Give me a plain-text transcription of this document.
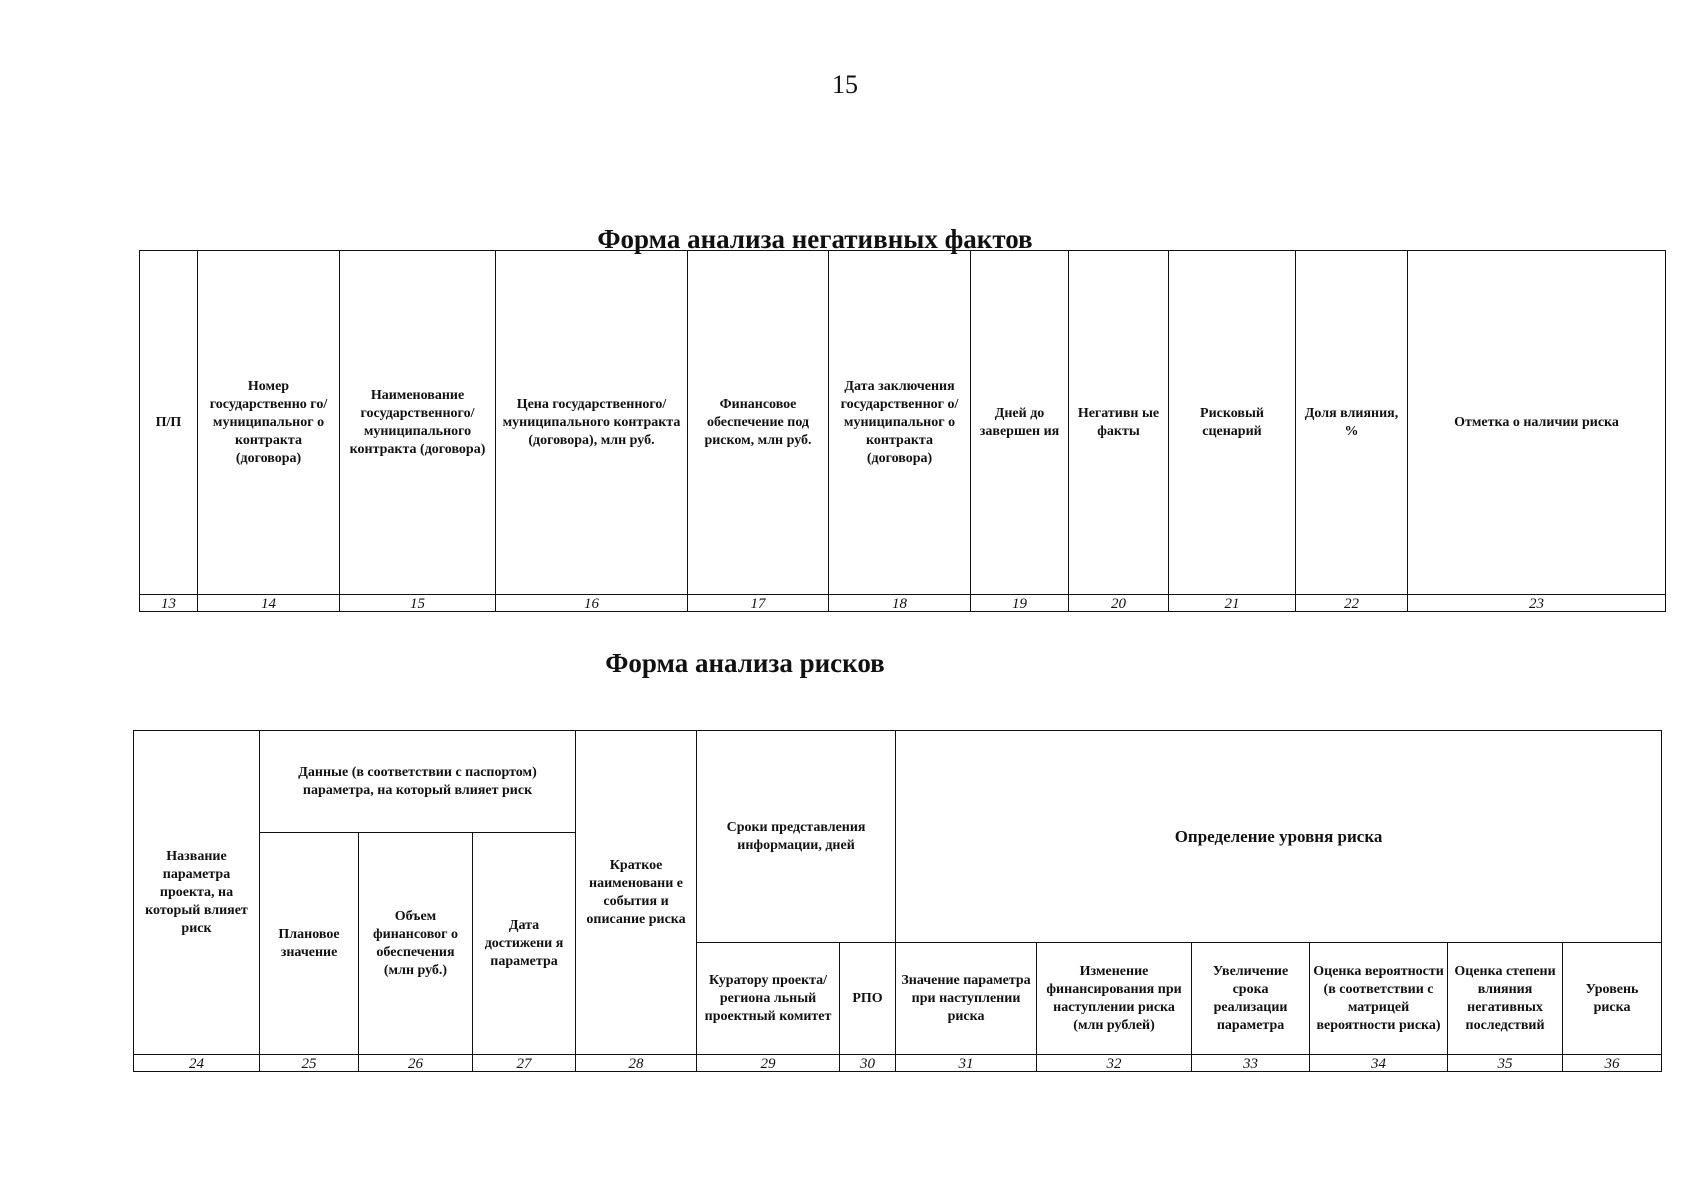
15
Форма анализа негативных фактов
П/П	Номер государственно го/ муниципальног о контракта (договора)	Наименование государственного/ муниципального контракта (договора)	Цена государственного/ муниципального контракта (договора), млн руб.	Финансовое обеспечение под риском, млн руб.	Дата заключения государственног о/ муниципальног о контракта (договора)	Дней до завершен ия	Негативн ые факты	Рисковый сценарий	Доля влияния, %	Отметка о наличии риска
13	14	15	16	17	18	19	20	21	22	23
Форма анализа рисков
Название параметра проекта, на который влияет риск	Данные (в соответствии с паспортом) параметра, на который влияет риск			Краткое наименовани е события и описание риска	Сроки представления информации, дней		Определение уровня риска					
	Плановое значение	Объем финансовог о обеспечения (млн руб.)	Дата достижени я параметра									
					Куратору проекта/региона льный проектный комитет	РПО	Значение параметра при наступлении риска	Изменение финансирования при наступлении риска (млн рублей)	Увеличение срока реализации параметра	Оценка вероятности (в соответствии с матрицей вероятности риска)	Оценка степени влияния негативных последствий	Уровень риска
24	25	26	27	28	29	30	31	32	33	34	35	36
